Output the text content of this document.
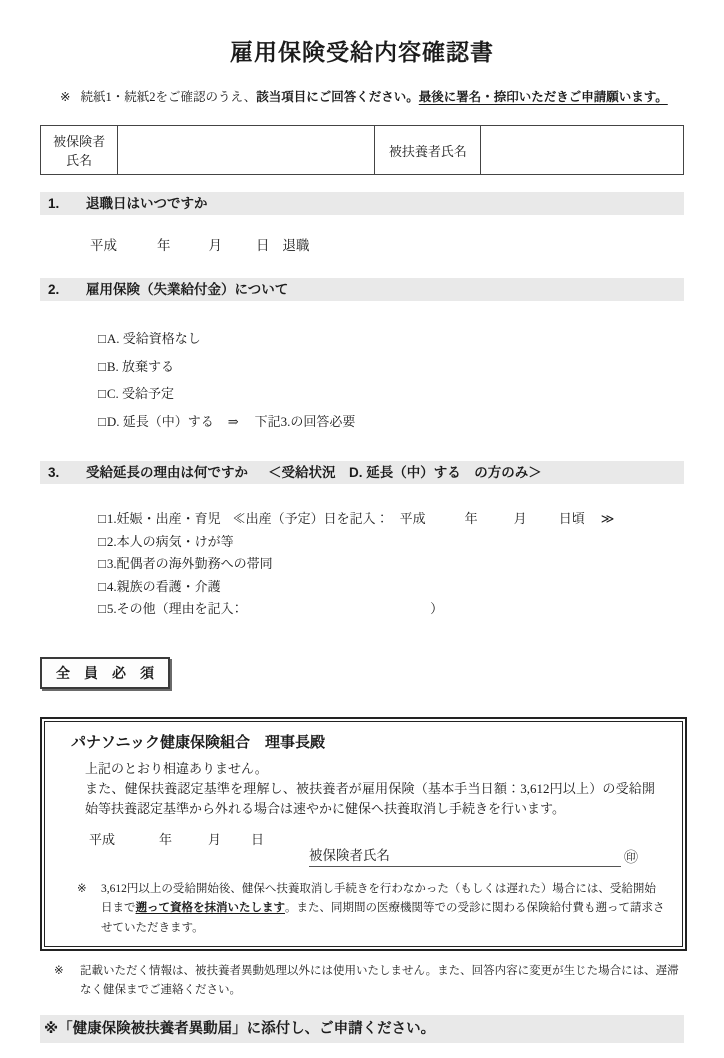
雇用保険受給内容確認書
※ 続紙1・続紙2をご確認のうえ、該当項目にご回答ください。最後に署名・捺印いただきご申請願います。
被保険者氏名		被扶養者氏名	
1. 退職日はいつですか
平成	年	月	日 退職
2. 雇用保険（失業給付金）について
□A. 受給資格なし
□B. 放棄する
□C. 受給予定
□D. 延長（中）する ⇒ 下記3.の回答必要
3. 受給延長の理由は何ですか ＜受給状況　D. 延長（中）する　の方のみ＞
□1.妊娠・出産・育児 ≪出産（予定）日を記入： 平成	年	月 日頃 ≫
□2.本人の病気・けが等
□3.配偶者の海外勤務への帯同
□4.親族の看護・介護
□5.その他（理由を記入：	）
全　員　必　須
パナソニック健康保険組合　理事長殿
上記のとおり相違ありません。
また、健保扶養認定基準を理解し、被扶養者が雇用保険（基本手当日額：3,612円以上）の受給開始等扶養認定基準から外れる場合は速やかに健保へ扶養取消し手続きを行います。
平成	年	月 日
被保険者氏名	㊞
※	3,612円以上の受給開始後、健保へ扶養取消し手続きを行わなかった（もしくは遅れた）場合には、受給開始日まで遡って資格を抹消いたします。また、同期間の医療機関等での受診に関わる保険給付費も遡って請求させていただきます。
※	記載いただく情報は、被扶養者異動処理以外には使用いたしません。また、回答内容に変更が生じた場合には、遅滞なく健保までご連絡ください。
※「健康保険被扶養者異動届」に添付し、ご申請ください。
